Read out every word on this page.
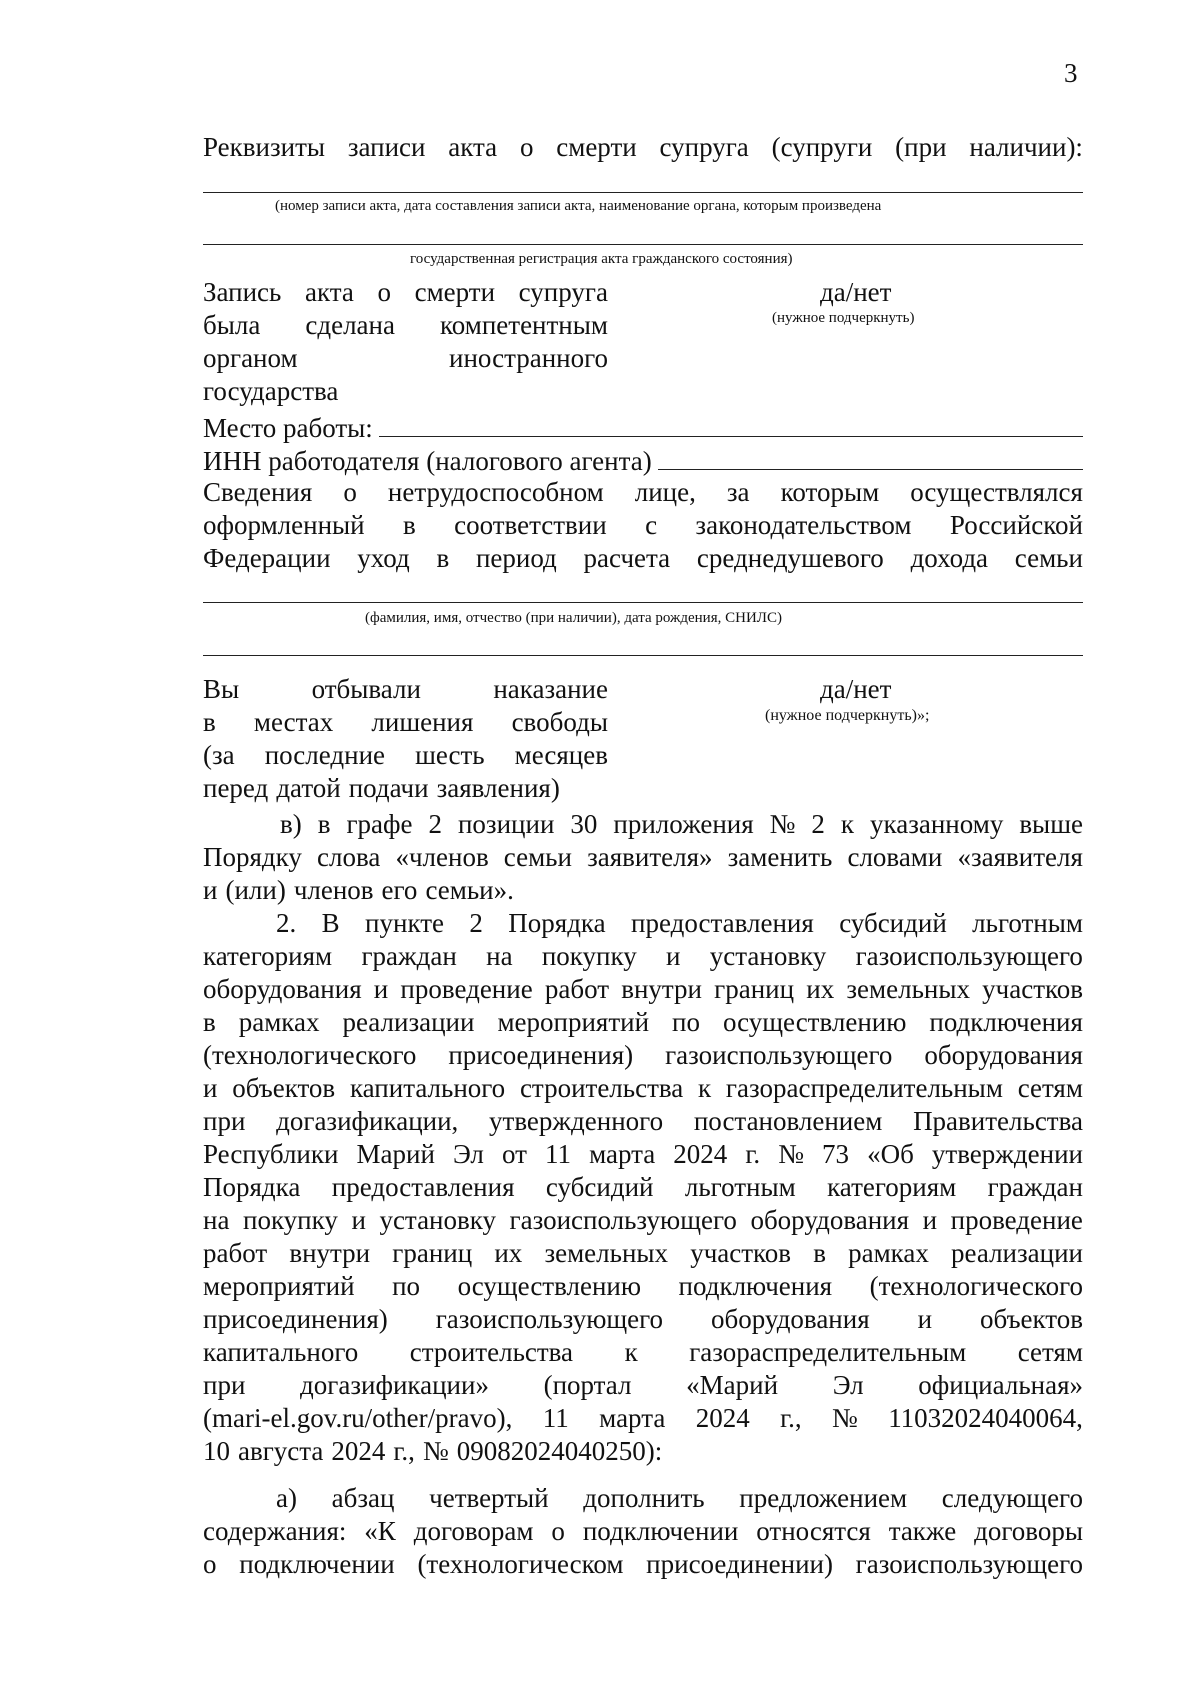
3
Реквизиты записи акта о смерти супруга (супруги (при наличии):
(номер записи акта, дата составления записи акта, наименование органа, которым произведена
государственная регистрация акта гражданского состояния)
Запись акта о смерти супруга
была сделана компетентным
органом	иностранного
государства
да/нет
(нужное подчеркнуть)
Место работы:
ИНН работодателя (налогового агента)
Сведения о нетрудоспособном лице, за которым осуществлялся
оформленный в соответствии с законодательством Российской
Федерации уход в период расчета среднедушевого дохода семьи
(фамилия, имя, отчество (при наличии), дата рождения, СНИЛС)
Вы	отбывали	наказание
в местах лишения свободы
(за последние шесть месяцев
перед датой подачи заявления)
да/нет
(нужное подчеркнуть)»;
в) в графе 2 позиции 30 приложения № 2 к указанному выше
Порядку слова «членов семьи заявителя» заменить словами «заявителя
и (или) членов его семьи».
2. В пункте 2 Порядка предоставления субсидий льготным
категориям граждан на покупку и установку газоиспользующего
оборудования и проведение работ внутри границ их земельных участков
в рамках реализации мероприятий по осуществлению подключения
(технологического присоединения) газоиспользующего оборудования
и объектов капитального строительства к газораспределительным сетям
при догазификации, утвержденного постановлением Правительства
Республики Марий Эл от 11 марта 2024 г. № 73 «Об утверждении
Порядка предоставления субсидий льготным категориям граждан
на покупку и установку газоиспользующего оборудования и проведение
работ внутри границ их земельных участков в рамках реализации
мероприятий по осуществлению подключения (технологического
присоединения) газоиспользующего оборудования и объектов
капитального строительства к газораспределительным сетям
при догазификации» (портал «Марий Эл официальная»
(mari-el.gov.ru/other/pravo), 11 марта 2024 г., № 11032024040064,
10 августа 2024 г., № 09082024040250):
а) абзац четвертый дополнить предложением следующего
содержания: «К договорам о подключении относятся также договоры
о подключении (технологическом присоединении) газоиспользующего
